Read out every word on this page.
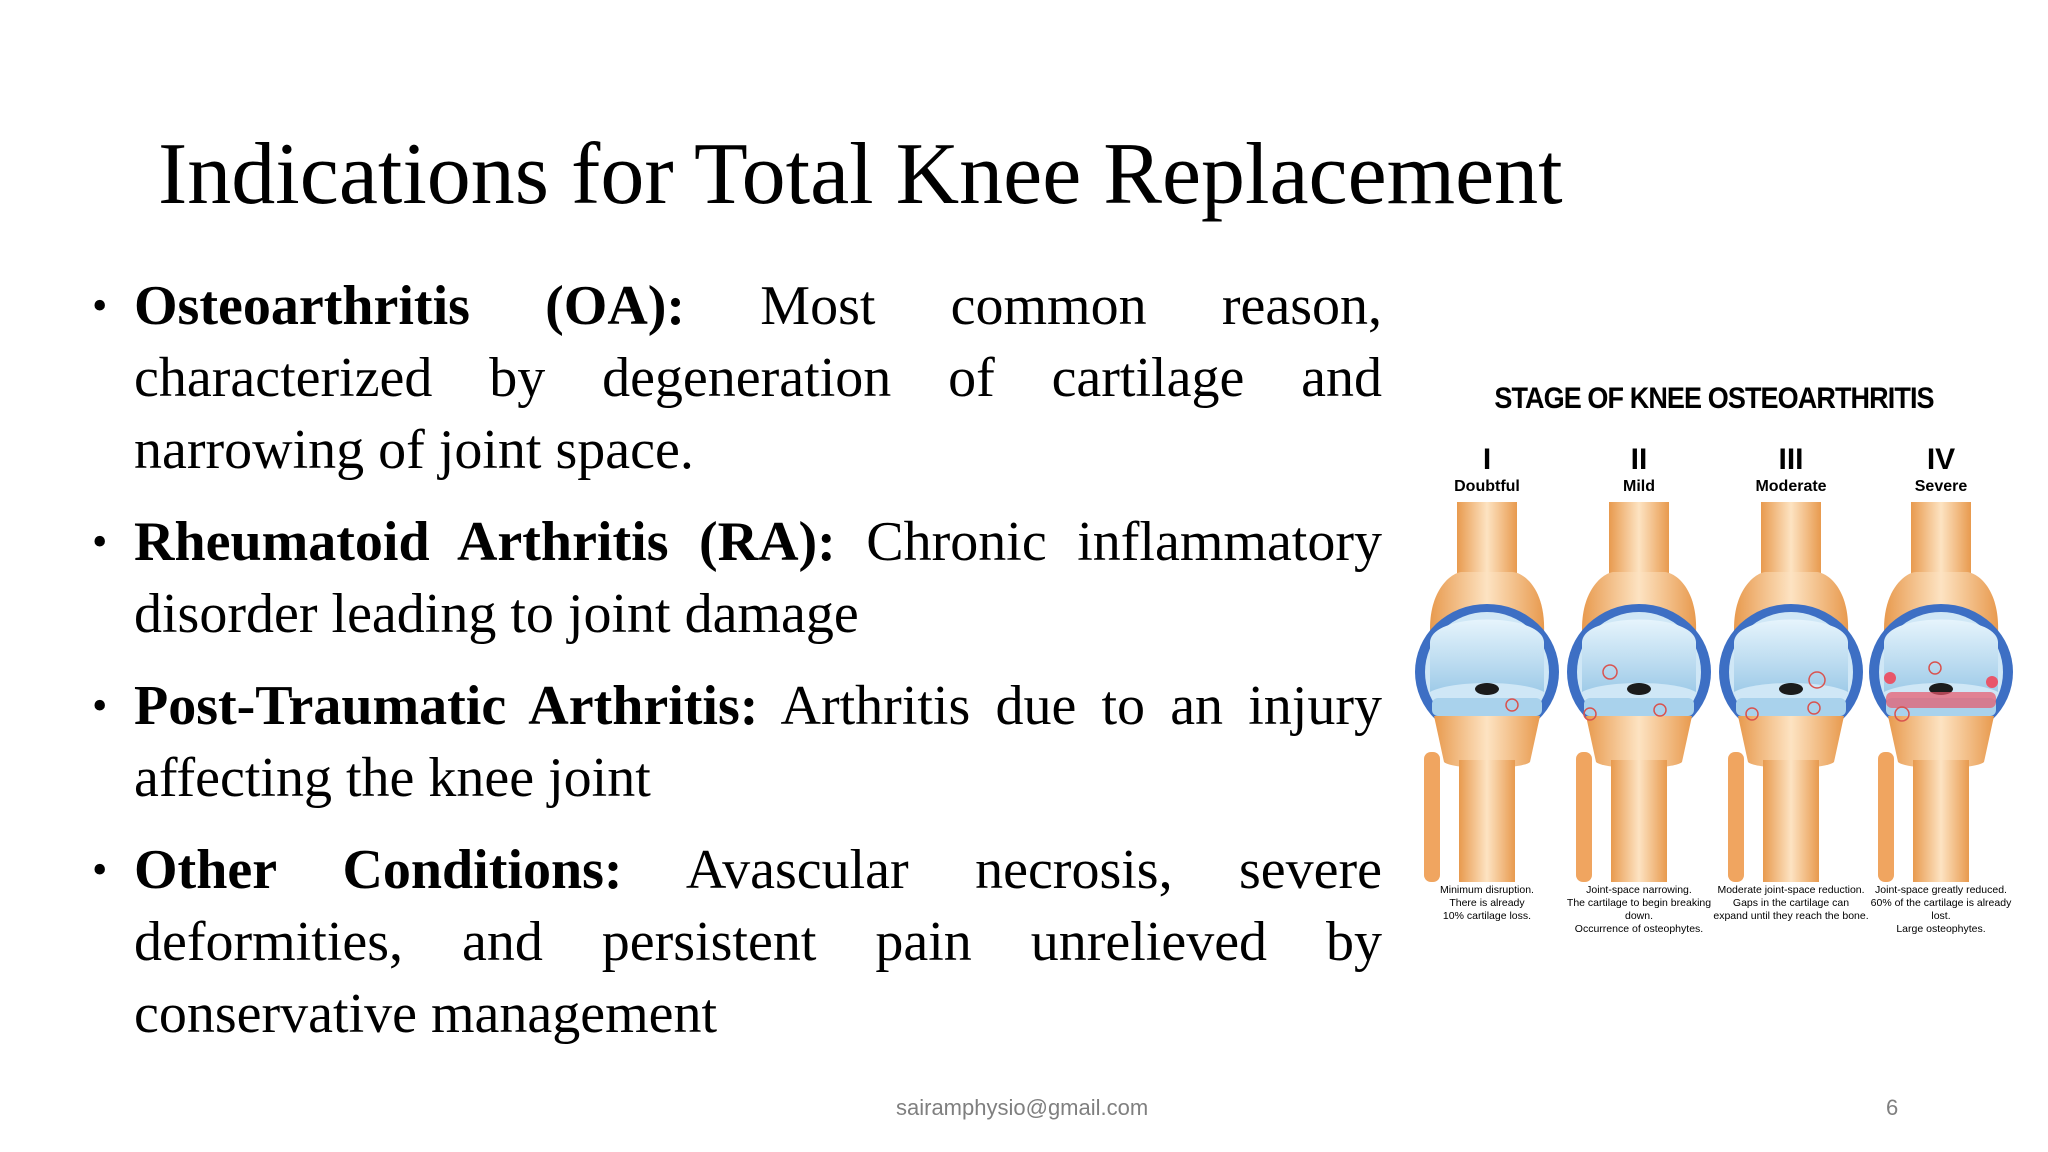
Indications for Total Knee Replacement
• Osteoarthritis (OA): Most common reason, characterized by degeneration of cartilage and narrowing of joint space.
• Rheumatoid Arthritis (RA): Chronic inflammatory disorder leading to joint damage
• Post-Traumatic Arthritis: Arthritis due to an injury affecting the knee joint
• Other Conditions: Avascular necrosis, severe deformities, and persistent pain unrelieved by conservative management
STAGE OF KNEE OSTEOARTHRITIS
I
Doubtful
II
Mild
III
Moderate
IV
Severe
Minimum disruption.
There is already
10% cartilage loss.
Joint-space narrowing.
The cartilage to begin breaking down.
Occurrence of osteophytes.
Moderate joint-space reduction.
Gaps in the cartilage can
expand until they reach the bone.
Joint-space greatly reduced.
60% of the cartilage is already lost.
Large osteophytes.
sairamphysio@gmail.com	6
